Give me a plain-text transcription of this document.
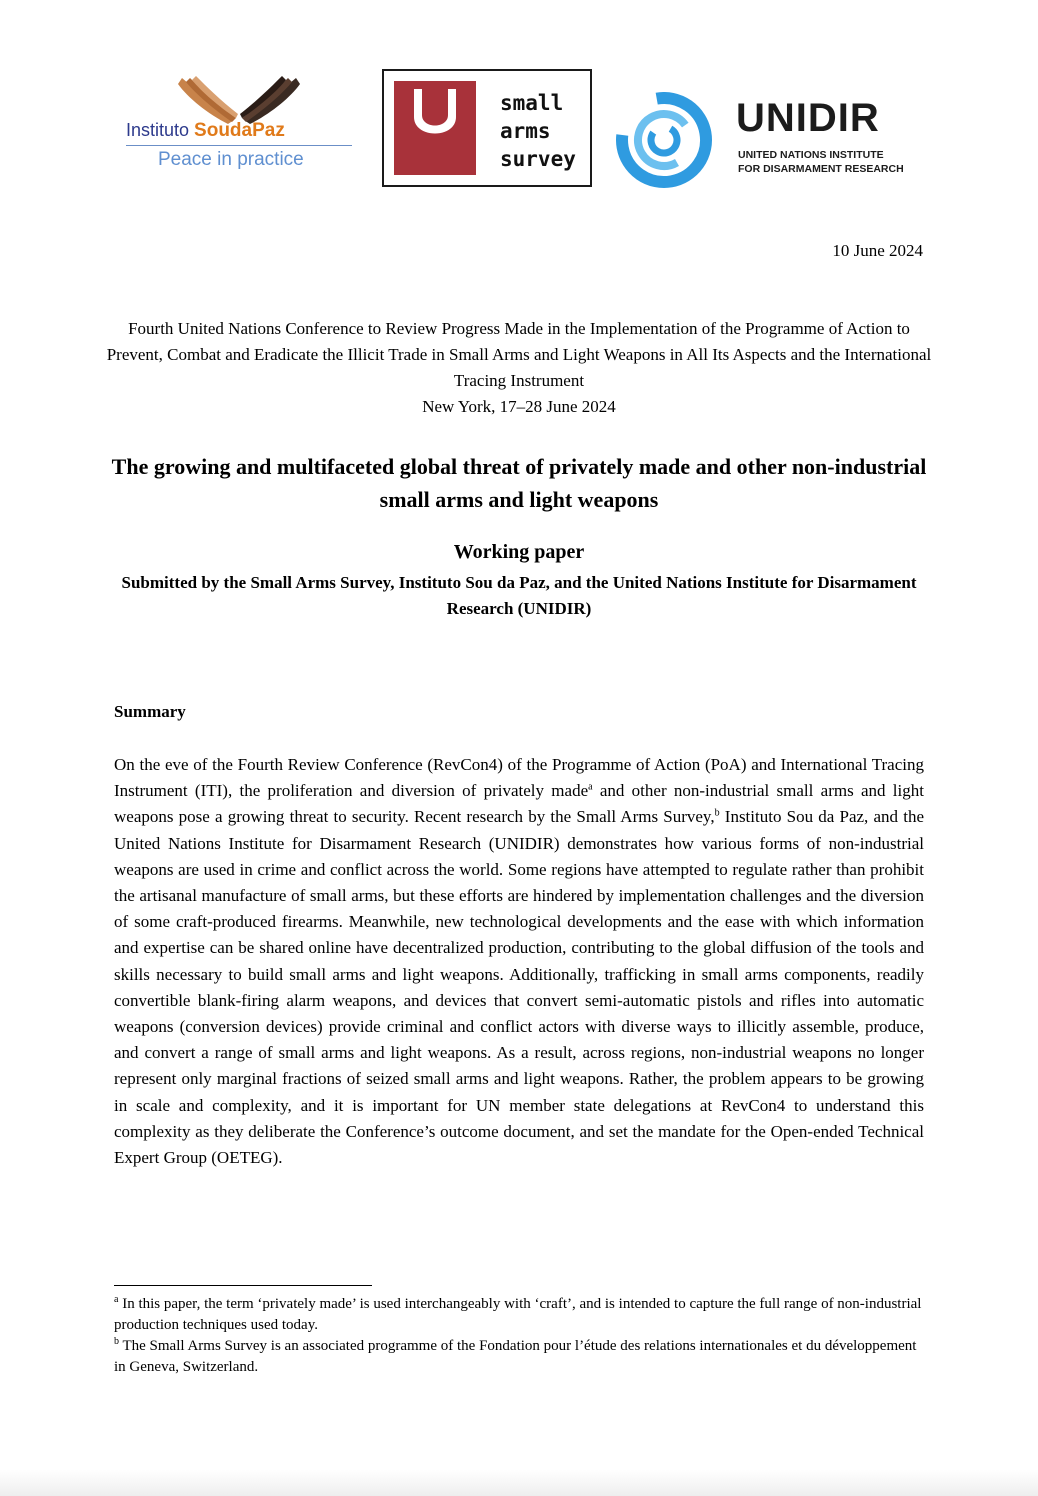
Instituto SoudaPaz
Peace in practice
small
arms
survey
UNIDIR
UNITED NATIONS INSTITUTE
FOR DISARMAMENT RESEARCH
10 June 2024
Fourth United Nations Conference to Review Progress Made in the Implementation of the Programme of Action to Prevent, Combat and Eradicate the Illicit Trade in Small Arms and Light Weapons in All Its Aspects and the International Tracing Instrument
New York, 17–28 June 2024
The growing and multifaceted global threat of privately made and other non-industrial small arms and light weapons
Working paper
Submitted by the Small Arms Survey, Instituto Sou da Paz, and the United Nations Institute for Disarmament Research (UNIDIR)
Summary

On the eve of the Fourth Review Conference (RevCon4) of the Programme of Action (PoA) and International Tracing Instrument (ITI), the proliferation and diversion of privately made$^a$ and other non-industrial small arms and light weapons pose a growing threat to security. Recent research by the Small Arms Survey,$^b$ Instituto Sou da Paz, and the United Nations Institute for Disarmament Research (UNIDIR) demonstrates how various forms of non-industrial weapons are used in crime and conflict across the world. Some regions have attempted to regulate rather than prohibit the artisanal manufacture of small arms, but these efforts are hindered by implementation challenges and the diversion of some craft-produced firearms. Meanwhile, new technological developments and the ease with which information and expertise can be shared online have decentralized production, contributing to the global diffusion of the tools and skills necessary to build small arms and light weapons. Additionally, trafficking in small arms components, readily convertible blank-firing alarm weapons, and devices that convert semi-automatic pistols and rifles into automatic weapons (conversion devices) provide criminal and conflict actors with diverse ways to illicitly assemble, produce, and convert a range of small arms and light weapons. As a result, across regions, non-industrial weapons no longer represent only marginal fractions of seized small arms and light weapons. Rather, the problem appears to be growing in scale and complexity, and it is important for UN member state delegations at RevCon4 to understand this complexity as they deliberate the Conference’s outcome document, and set the mandate for the Open-ended Technical Expert Group (OETEG).

$^a$ In this paper, the term ‘privately made’ is used interchangeably with ‘craft’, and is intended to capture the full range of non-industrial production techniques used today.

$^b$ The Small Arms Survey is an associated programme of the Fondation pour l’étude des relations internationales et du développement in Geneva, Switzerland.
